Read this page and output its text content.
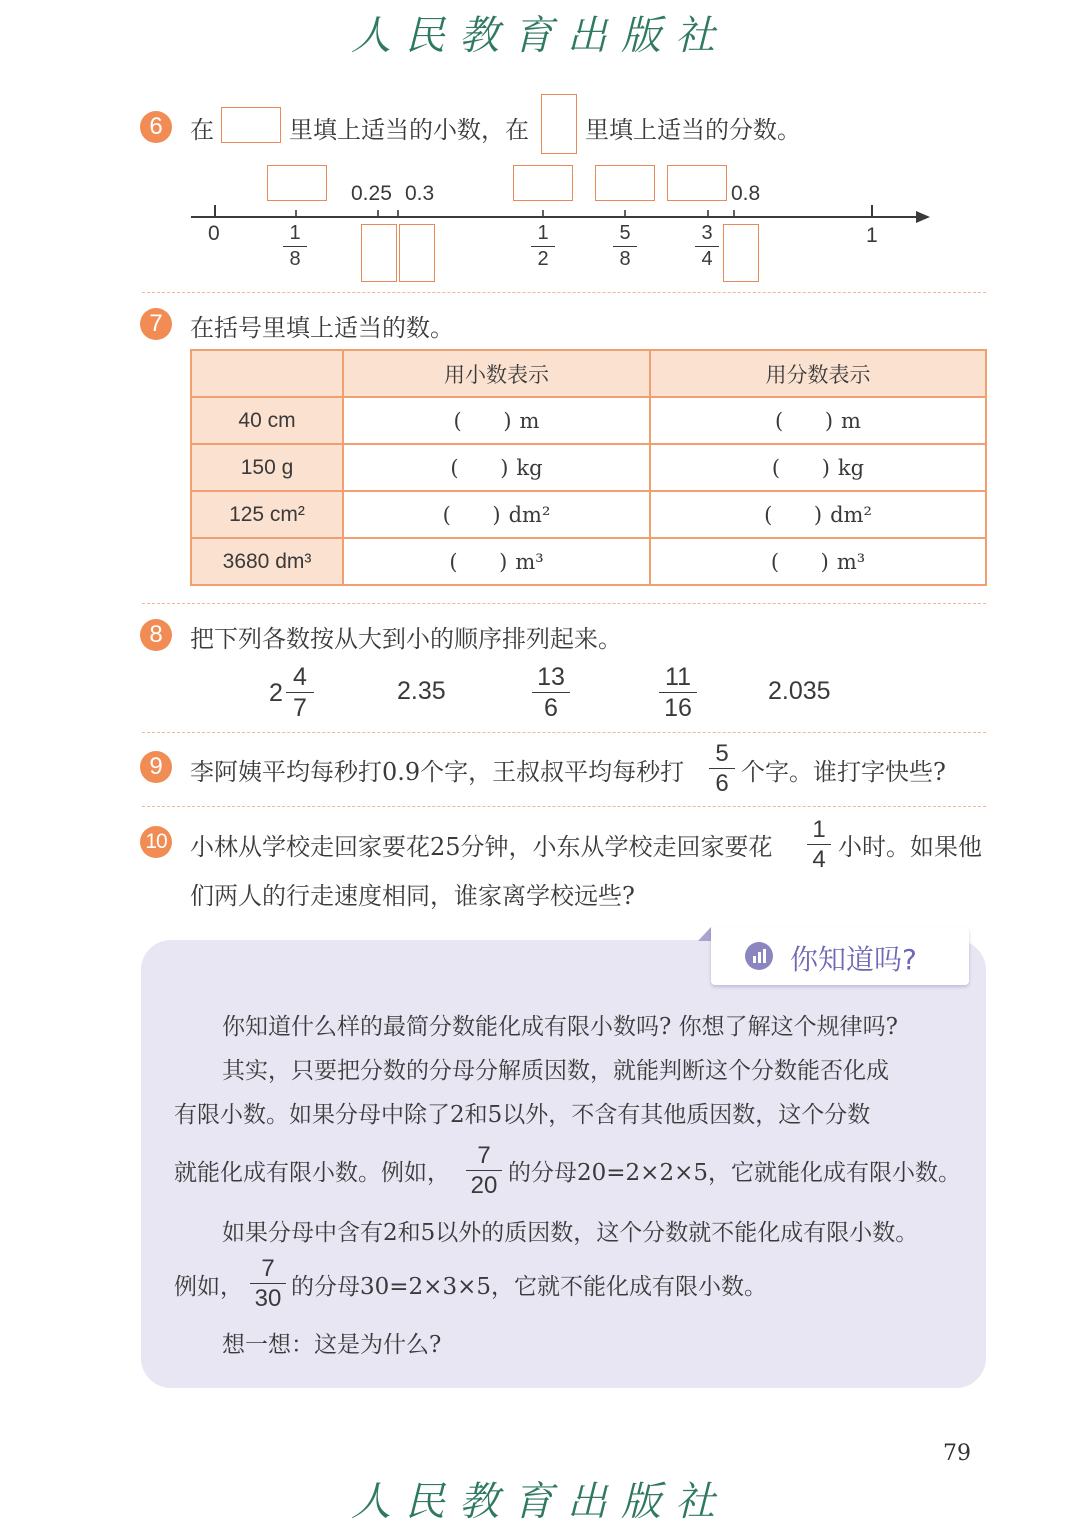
人民教育出版社
人民教育出版社
6	在	里填上适当的小数，在 里填上适当的分数。
0.25 0.3	0.8
0	1
1
8
1
2
5
8
3
4
7	在括号里填上适当的数。
	用小数表示	用分数表示
40 cm	( ) m	( ) m
150 g	( ) kg	( ) kg
125 cm²	( ) dm²	( ) dm²
3680 dm³	( ) m³	( ) m³
8	把下列各数按从大到小的顺序排列起来。
2
4
7
2.35	13
6
11
16
2.035
9	李阿姨平均每秒打0.9个字，王叔叔平均每秒打
5
6 个字。谁打字快些?
10 小林从学校走回家要花25分钟，小东从学校走回家要花
1
4 小时。如果他
们两人的行走速度相同，谁家离学校远些?
你知道吗?
你知道什么样的最简分数能化成有限小数吗? 你想了解这个规律吗?
其实，只要把分数的分母分解质因数，就能判断这个分数能否化成
有限小数。如果分母中除了2和5以外，不含有其他质因数，这个分数
就能化成有限小数。例如，
7
20 的分母20=2×2×5，它就能化成有限小数。
如果分母中含有2和5以外的质因数，这个分数就不能化成有限小数。
例如，
7
30 的分母30=2×3×5，它就不能化成有限小数。
想一想：这是为什么?
79
